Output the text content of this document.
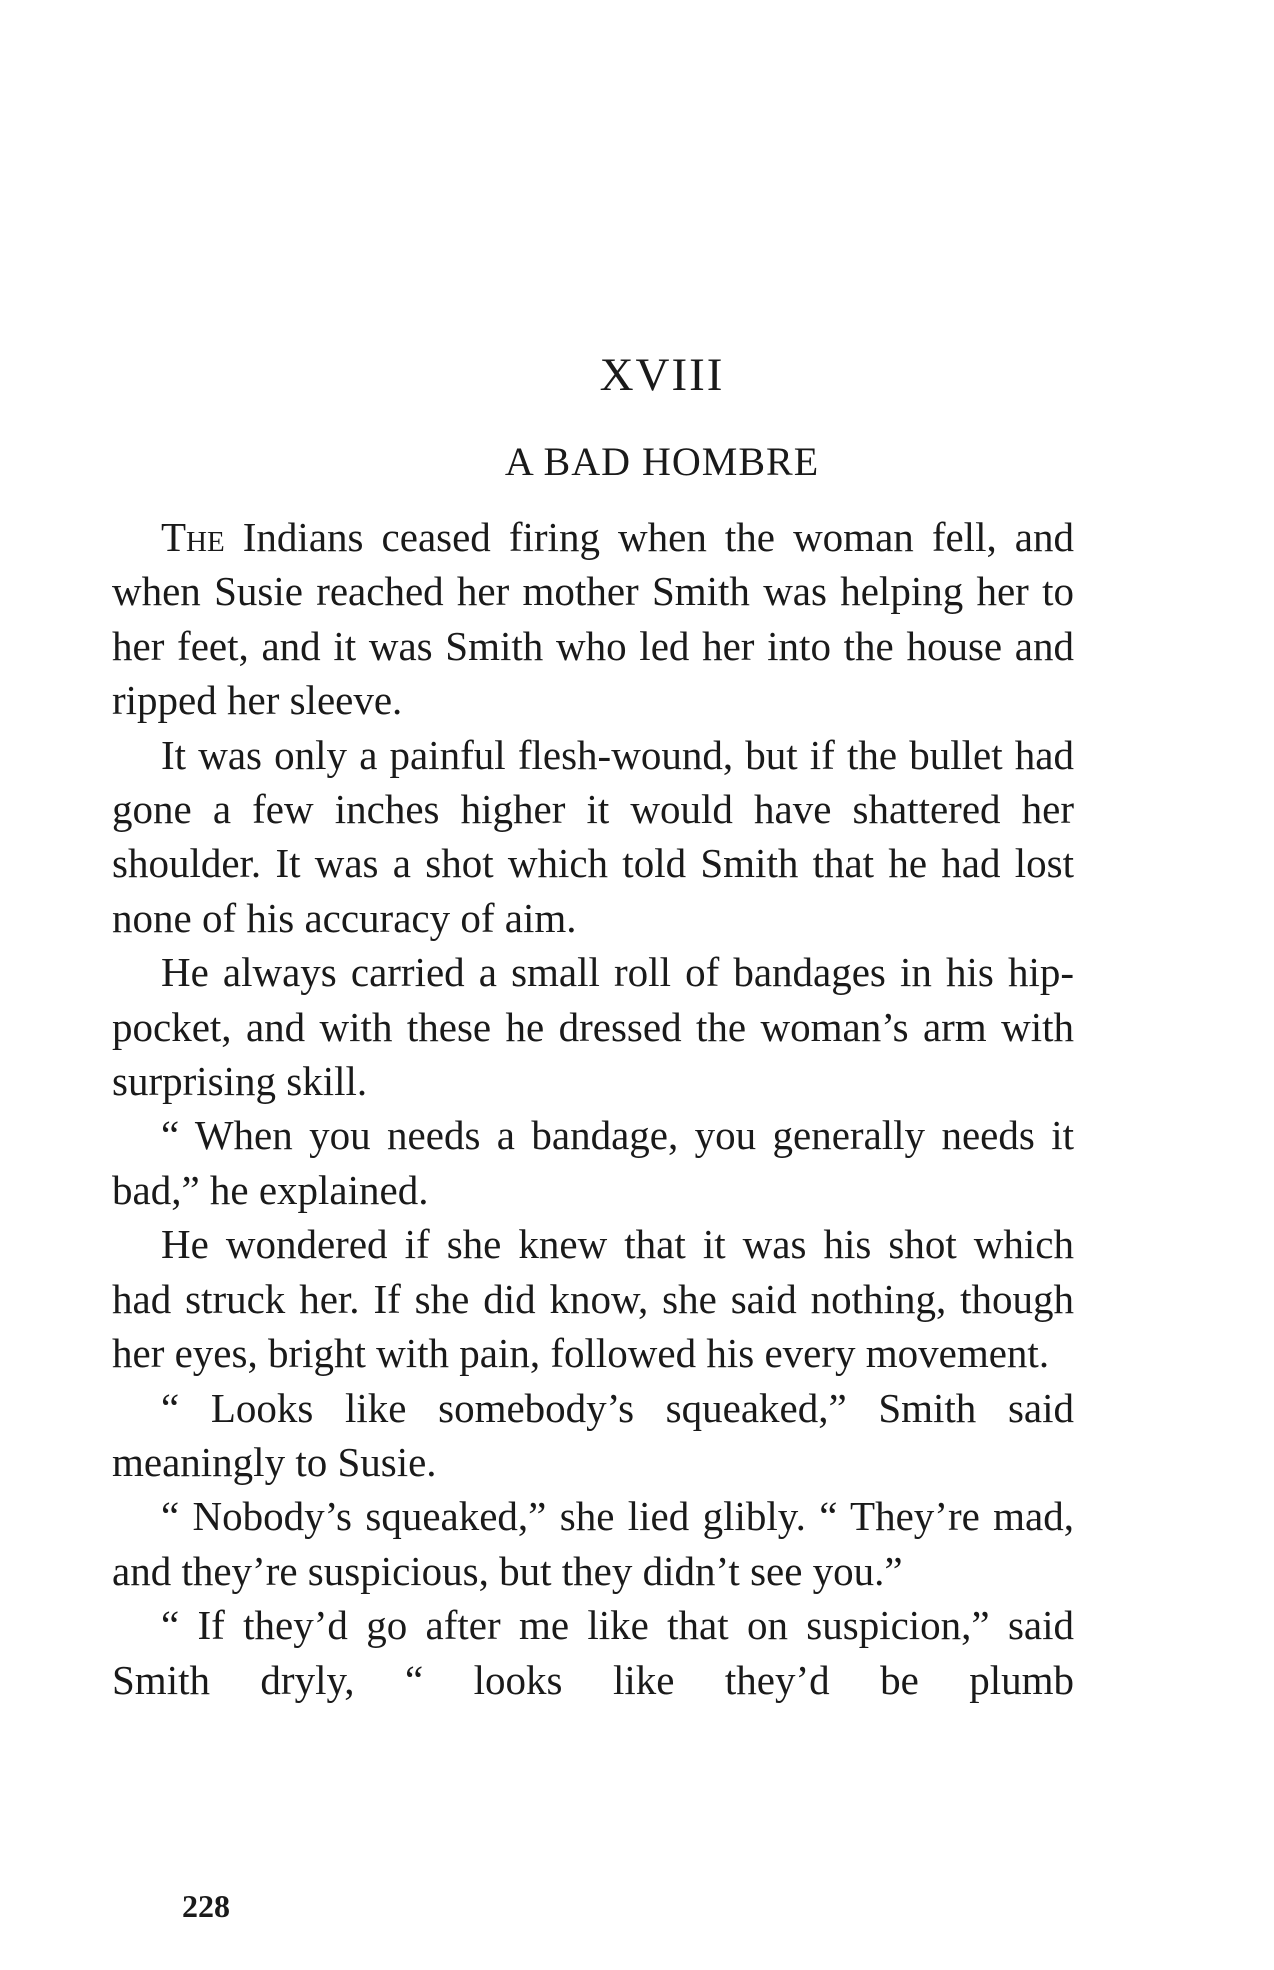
XVIII
A BAD HOMBRE

The Indians ceased firing when the woman fell, and when Susie reached her mother Smith was helping her to her feet, and it was Smith who led her into the house and ripped her sleeve.

It was only a painful flesh-wound, but if the bullet had gone a few inches higher it would have shattered her shoulder. It was a shot which told Smith that he had lost none of his accuracy of aim.

He always carried a small roll of bandages in his hip-pocket, and with these he dressed the woman’s arm with surprising skill.

“ When you needs a bandage, you generally needs it bad,” he explained.

He wondered if she knew that it was his shot which had struck her. If she did know, she said nothing, though her eyes, bright with pain, followed his every movement.

“ Looks like somebody’s squeaked,” Smith said meaningly to Susie.

“ Nobody’s squeaked,” she lied glibly. “ They’re mad, and they’re suspicious, but they didn’t see you.”

“ If they’d go after me like that on suspicion,” said Smith dryly, “ looks like they’d be plumb

228
